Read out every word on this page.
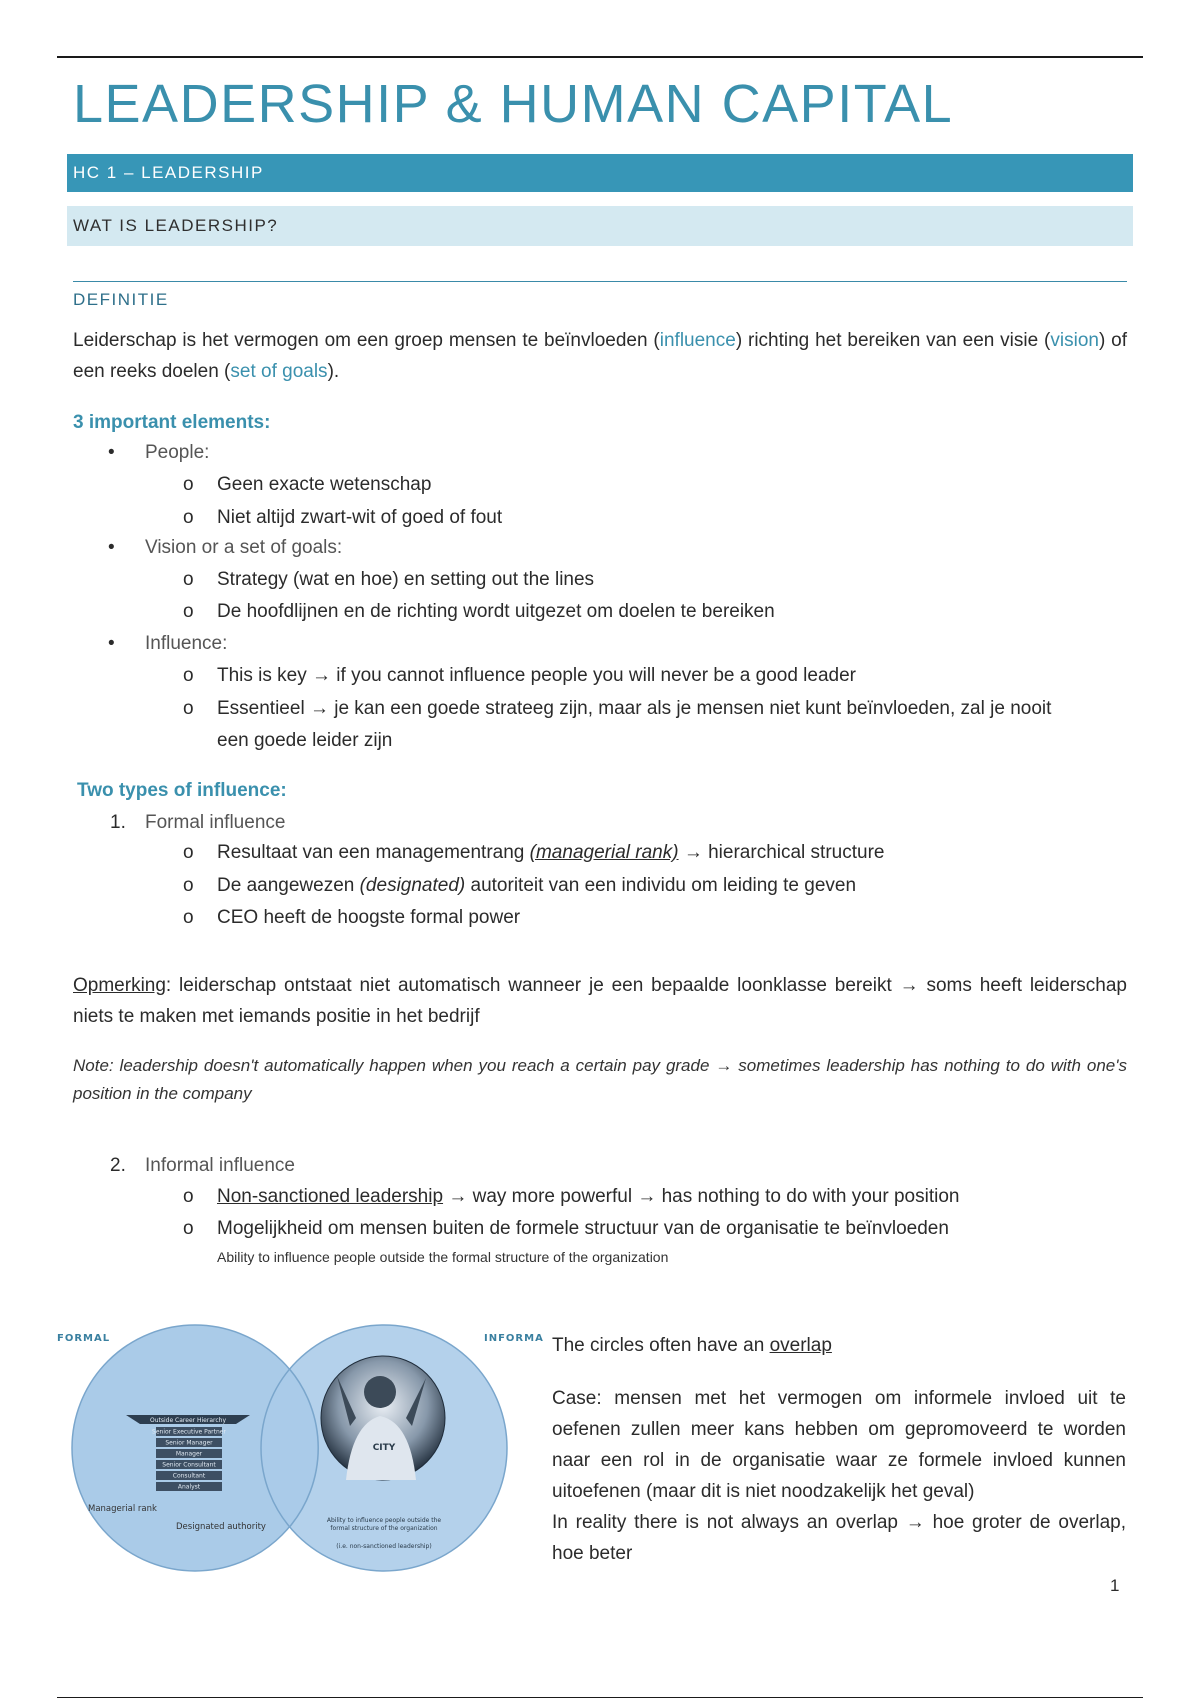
LEADERSHIP & HUMAN CAPITAL
HC 1 – LEADERSHIP
WAT IS LEADERSHIP?
DEFINITIE

Leiderschap is het vermogen om een groep mensen te beïnvloeden (influence) richting het bereiken van een visie (vision) of een reeks doelen (set of goals).

3 important elements:
• People:
o Geen exacte wetenschap
o Niet altijd zwart-wit of goed of fout
• Vision or a set of goals:
o Strategy (wat en hoe) en setting out the lines
o De hoofdlijnen en de richting wordt uitgezet om doelen te bereiken
• Influence:
o This is key → if you cannot influence people you will never be a good leader
o Essentieel → je kan een goede strateeg zijn, maar als je mensen niet kunt beïnvloeden, zal je nooit
een goede leider zijn
Two types of influence:
1. Formal influence
o Resultaat van een managementrang (managerial rank) → hierarchical structure
o De aangewezen (designated) autoriteit van een individu om leiding te geven
o CEO heeft de hoogste formal power

Opmerking: leiderschap ontstaat niet automatisch wanneer je een bepaalde loonklasse bereikt → soms heeft leiderschap niets te maken met iemands positie in het bedrijf

Note: leadership doesn't automatically happen when you reach a certain pay grade → sometimes leadership has nothing to do with one's position in the company

2. Informal influence
o Non-sanctioned leadership → way more powerful → has nothing to do with your position
o Mogelijkheid om mensen buiten de formele structuur van de organisatie te beïnvloeden
Ability to influence people outside the formal structure of the organization
FORMAL	INFORMA
Outside Career Hierarchy
Senior Executive Partner
Senior Manager
Manager
Senior Consultant
Consultant
Analyst
Managerial rank
Designated authority
CITY
Ability to influence people outside the
formal structure of the organization
(i.e. non-sanctioned leadership)
The circles often have an overlap

Case: mensen met het vermogen om informele invloed uit te oefenen zullen meer kans hebben om gepromoveerd te worden naar een rol in de organisatie waar ze formele invloed kunnen uitoefenen (maar dit is niet noodzakelijk het geval)

In reality there is not always an overlap → hoe groter de overlap, hoe beter

1
